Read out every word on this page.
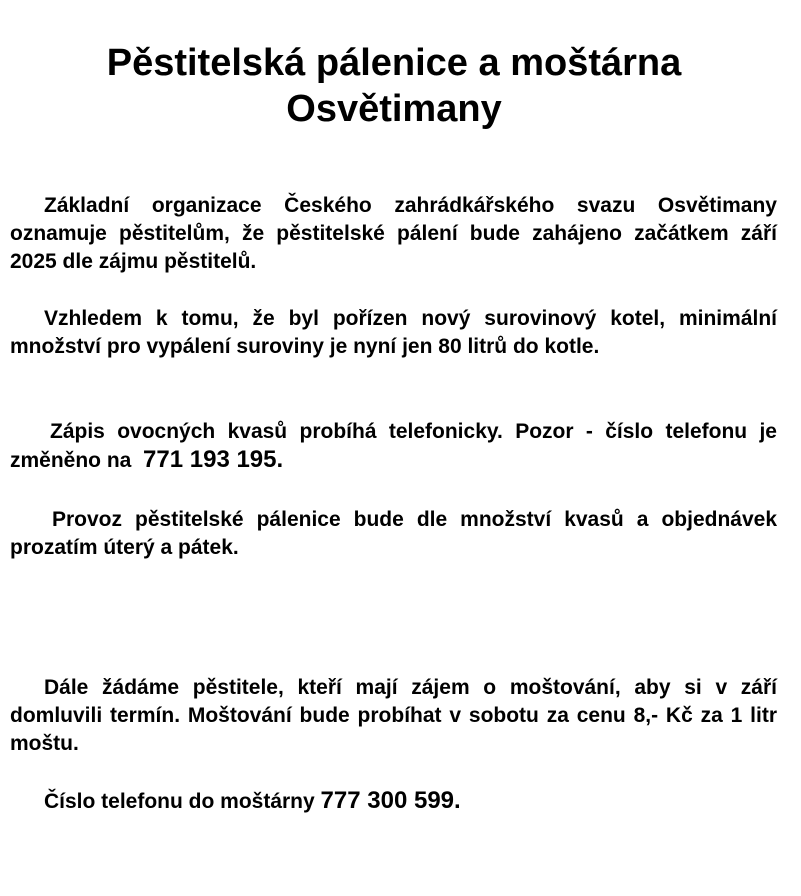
Pěstitelská pálenice a moštárna
Osvětimany

Základní organizace Českého zahrádkářského svazu Osvětimany oznamuje pěstitelům, že pěstitelské pálení bude zahájeno začátkem září 2025 dle zájmu pěstitelů.

Vzhledem k tomu, že byl pořízen nový surovinový kotel, minimální množství pro vypálení suroviny je nyní jen 80 litrů do kotle.

Zápis ovocných kvasů probíhá telefonicky. Pozor - číslo telefonu je změněno na 771 193 195.

Provoz pěstitelské pálenice bude dle množství kvasů a objednávek prozatím úterý a pátek.

Dále žádáme pěstitele, kteří mají zájem o moštování, aby si v září domluvili termín. Moštování bude probíhat v sobotu za cenu 8,- Kč za 1 litr moštu.

Číslo telefonu do moštárny 777 300 599.
